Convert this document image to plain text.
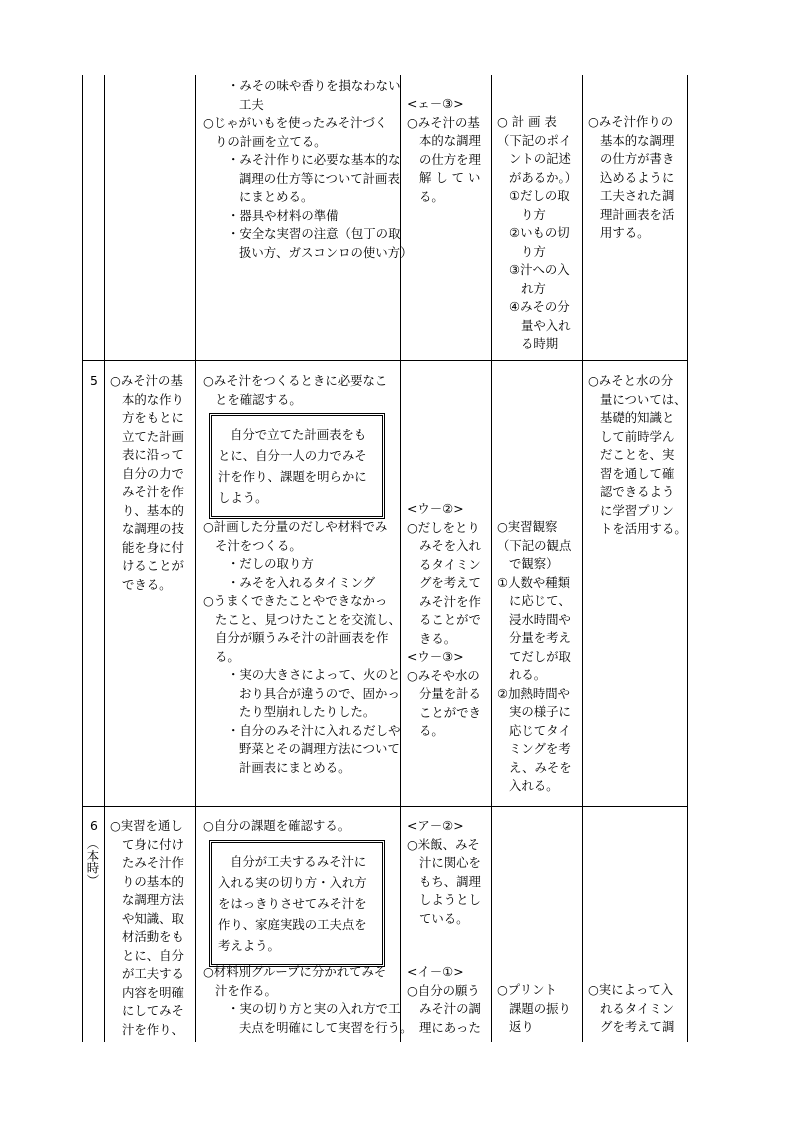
・みその味や香りを損なわない
工夫
○じゃがいもを使ったみそ汁づく
りの計画を立てる。
・みそ汁作りに必要な基本的な
調理の仕方等について計画表
にまとめる。
・器具や材料の準備
・安全な実習の注意（包丁の取
扱い方、ガスコンロの使い方）
<ェ－③>
○みそ汁の基
本的な調理
の仕方を理
解 し て い
る。
○ 計 画 表
（下記のポイ
ントの記述
があるか。）
①だしの取
り方
②いもの切
り方
③汁への入
れ方
④みその分
量や入れ
る時期
○みそ汁作りの
基本的な調理
の仕方が書き
込めるように
工夫された調
理計画表を活
用する。
5 ○みそ汁の基
本的な作り
方をもとに
立てた計画
表に沿って
自分の力で
みそ汁を作
り、基本的
な調理の技
能を身に付
けることが
できる。
○みそ汁をつくるときに必要なこ
とを確認する。
自分で立てた計画表をも
とに、自分一人の力でみそ
汁を作り、課題を明らかに
しよう。
○計画した分量のだしや材料でみ
そ汁をつくる。
・だしの取り方
・みそを入れるタイミング
○うまくできたことやできなかっ
たこと、見つけたことを交流し、
自分が願うみそ汁の計画表を作
る。
・実の大きさによって、火のと
おり具合が違うので、固かっ
たり型崩れしたりした。
・自分のみそ汁に入れるだしや
野菜とその調理方法について
計画表にまとめる。
<ウ－②>
○だしをとり
みそを入れ
るタイミン
グを考えて
みそ汁を作
ることがで
きる。
<ウ－③>
○みそや水の
分量を計る
ことができ
る。
○実習観察
（下記の観点
で観察）
①人数や種類
に応じて、
浸水時間や
分量を考え
てだしが取
れる。
②加熱時間や
実の様子に
応じてタイ
ミングを考
え、みそを
入れる。
○みそと水の分
量については、
基礎的知識と
して前時学ん
だことを、実
習を通して確
認できるよう
に学習プリン
トを活用する。
6
（本時）
○実習を通し
て身に付け
たみそ汁作
りの基本的
な調理方法
や知識、取
材活動をも
とに、自分
が工夫する
内容を明確
にしてみそ
汁を作り、
○自分の課題を確認する。
自分が工夫するみそ汁に
入れる実の切り方・入れ方
をはっきりさせてみそ汁を
作り、家庭実践の工夫点を
考えよう。
○材料別グループに分かれてみそ
汁を作る。
・実の切り方と実の入れ方で工
夫点を明確にして実習を行う。
<ア－②>
○米飯、みそ
汁に関心を
もち、調理
しようとし
ている。
<イ－①>
○自分の願う
みそ汁の調
理にあった
○プリント
課題の振り
返り
○実によって入
れるタイミン
グを考えて調
